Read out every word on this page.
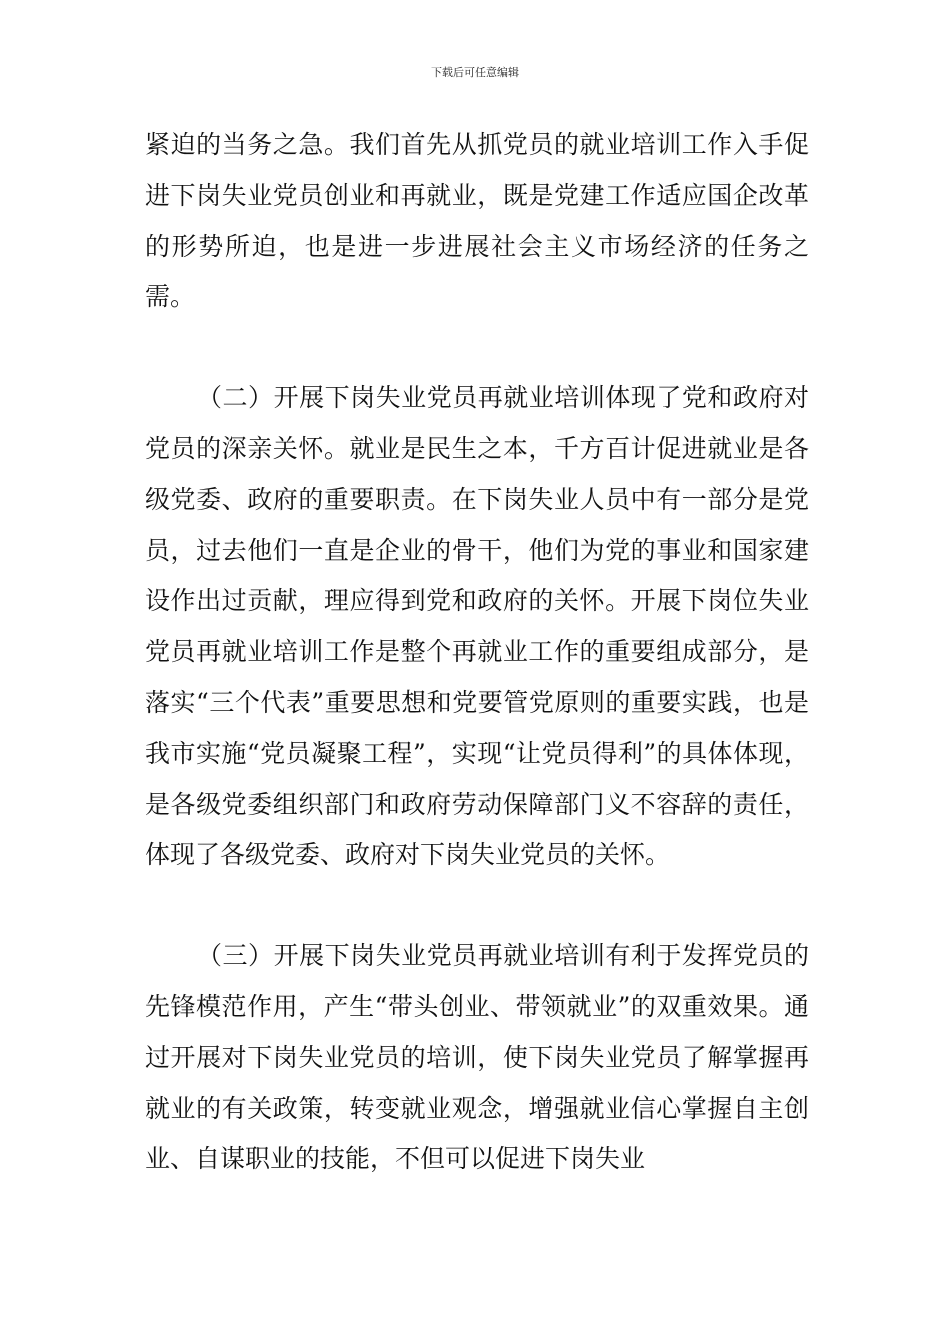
下载后可任意编辑

紧迫的当务之急。我们首先从抓党员的就业培训工作入手促进下岗失业党员创业和再就业，既是党建工作适应国企改革的形势所迫，也是进一步进展社会主义市场经济的任务之需。

（二）开展下岗失业党员再就业培训体现了党和政府对党员的深亲关怀。就业是民生之本，千方百计促进就业是各级党委、政府的重要职责。在下岗失业人员中有一部分是党员，过去他们一直是企业的骨干，他们为党的事业和国家建设作出过贡献，理应得到党和政府的关怀。开展下岗位失业党员再就业培训工作是整个再就业工作的重要组成部分，是落实“三个代表”重要思想和党要管党原则的重要实践，也是我市实施“党员凝聚工程”，实现“让党员得利”的具体体现，是各级党委组织部门和政府劳动保障部门义不容辞的责任，体现了各级党委、政府对下岗失业党员的关怀。

（三）开展下岗失业党员再就业培训有利于发挥党员的先锋模范作用，产生“带头创业、带领就业”的双重效果。通过开展对下岗失业党员的培训，使下岗失业党员了解掌握再就业的有关政策，转变就业观念，增强就业信心掌握自主创业、自谋职业的技能，不但可以促进下岗失业
